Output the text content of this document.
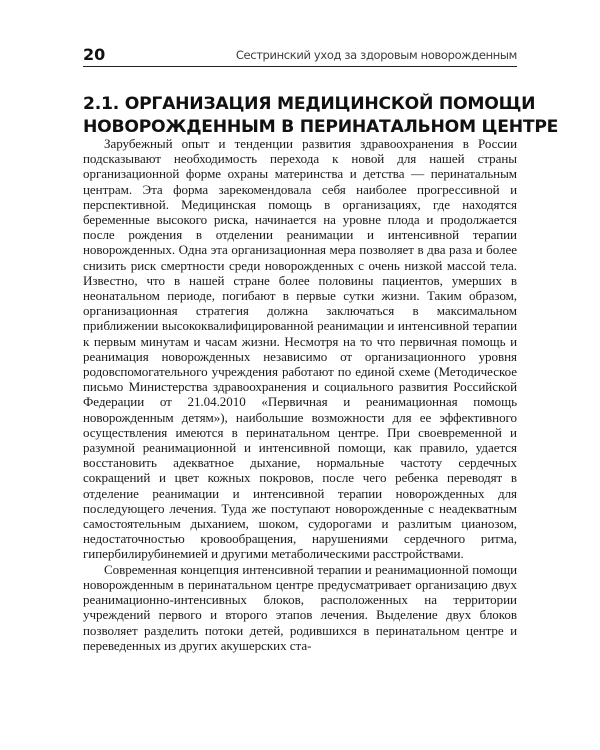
20	Сестринский уход за здоровым новорожденным
2.1. ОРГАНИЗАЦИЯ МЕДИЦИНСКОЙ ПОМОЩИ
НОВОРОЖДЕННЫМ В ПЕРИНАТАЛЬНОМ ЦЕНТРЕ

Зарубежный опыт и тенденции развития здравоохранения в России подсказывают необходимость перехода к новой для нашей страны организационной форме охраны материнства и детства — перинатальным центрам. Эта форма зарекомендовала себя наиболее прогрессивной и перспективной. Медицинская помощь в организациях, где находятся беременные высокого риска, начинается на уровне плода и продолжается после рождения в отделении реанимации и интенсивной терапии новорожденных. Одна эта организационная мера позволяет в два раза и более снизить риск смертности среди новорожденных с очень низкой массой тела. Известно, что в нашей стране более половины пациентов, умерших в неонатальном периоде, погибают в первые сутки жизни. Таким образом, организационная стратегия должна заключаться в максимальном приближении высококвалифицированной реанимации и интенсивной терапии к первым минутам и часам жизни. Несмотря на то что первичная помощь и реанимация новорожденных независимо от организационного уровня родовспомогательного учреждения работают по единой схеме (Методическое письмо Министерства здравоохранения и социального развития Российской Федерации от 21.04.2010 «Первичная и реанимационная помощь новорожденным детям»), наибольшие возможности для ее эффективного осуществления имеются в перинатальном центре. При своевременной и разумной реанимационной и интенсивной помощи, как правило, удается восстановить адекватное дыхание, нормальные частоту сердечных сокращений и цвет кожных покровов, после чего ребенка переводят в отделение реанимации и интенсивной терапии новорожденных для последующего лечения. Туда же поступают новорожденные с неадекватным самостоятельным дыханием, шоком, судорогами и разлитым цианозом, недостаточностью кровообращения, нарушениями сердечного ритма, гипербилирубинемией и другими метаболическими расстройствами.

Современная концепция интенсивной терапии и реанимационной помощи новорожденным в перинатальном центре предусматривает организацию двух реанимационно-интенсивных блоков, расположенных на территории учреждений первого и второго этапов лечения. Выделение двух блоков позволяет разделить потоки детей, родившихся в перинатальном центре и переведенных из других акушерских ста-
